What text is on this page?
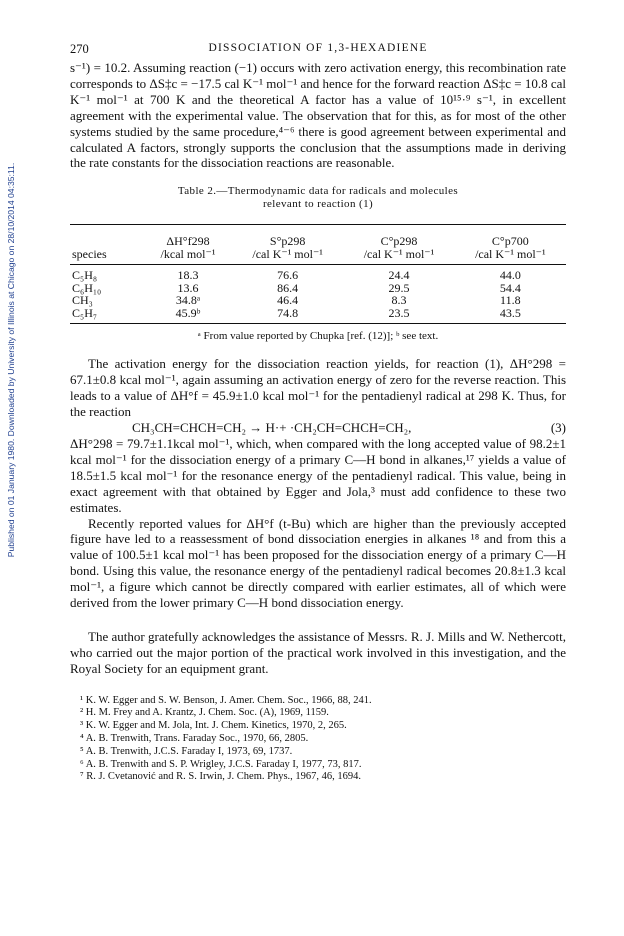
Published on 01 January 1980. Downloaded by University of Illinois at Chicago on 28/10/2014 04:35:11.
270	DISSOCIATION OF 1,3-HEXADIENE

s⁻¹) = 10.2. Assuming reaction (−1) occurs with zero activation energy, this recombination rate corresponds to ΔS‡c = −17.5 cal K⁻¹ mol⁻¹ and hence for the forward reaction ΔS‡c = 10.8 cal K⁻¹ mol⁻¹ at 700 K and the theoretical A factor has a value of 10¹⁵·⁹ s⁻¹, in excellent agreement with the experimental value. The observation that for this, as for most of the other systems studied by the same procedure,⁴⁻⁶ there is good agreement between experimental and calculated A factors, strongly supports the conclusion that the assumptions made in deriving the rate constants for the dissociation reactions are reasonable.

Table 2.—Thermodynamic data for radicals and molecules
relevant to reaction (1)
	ΔH°f298	S°p298	C°p298	C°p700
species	/kcal mol⁻¹	/cal K⁻¹ mol⁻¹	/cal K⁻¹ mol⁻¹	/cal K⁻¹ mol⁻¹
C₅H₈	18.3	76.6	24.4	44.0
C₆H₁₀	13.6	86.4	29.5	54.4
CH₃	34.8ᵃ	46.4	8.3	11.8
C₅H₇	45.9ᵇ	74.8	23.5	43.5
ᵃ From value reported by Chupka [ref. (12)]; ᵇ see text.

The activation energy for the dissociation reaction yields, for reaction (1), ΔH°298 = 67.1±0.8 kcal mol⁻¹, again assuming an activation energy of zero for the reverse reaction. This leads to a value of ΔH°f = 45.9±1.0 kcal mol⁻¹ for the pentadienyl radical at 298 K. Thus, for the reaction

CH₃CH=CHCH=CH₂ → H·+ ·CH₂CH=CHCH=CH₂,	(3)

ΔH°298 = 79.7±1.1kcal mol⁻¹, which, when compared with the long accepted value of 98.2±1 kcal mol⁻¹ for the dissociation energy of a primary C—H bond in alkanes,¹⁷ yields a value of 18.5±1.5 kcal mol⁻¹ for the resonance energy of the pentadienyl radical. This value, being in exact agreement with that obtained by Egger and Jola,³ must add confidence to these two estimates.

Recently reported values for ΔH°f (t-Bu) which are higher than the previously accepted figure have led to a reassessment of bond dissociation energies in alkanes ¹⁸ and from this a value of 100.5±1 kcal mol⁻¹ has been proposed for the dissociation energy of a primary C—H bond. Using this value, the resonance energy of the pentadienyl radical becomes 20.8±1.3 kcal mol⁻¹, a figure which cannot be directly compared with earlier estimates, all of which were derived from the lower primary C—H bond dissociation energy.

The author gratefully acknowledges the assistance of Messrs. R. J. Mills and W. Nethercott, who carried out the major portion of the practical work involved in this investigation, and the Royal Society for an equipment grant.

¹ K. W. Egger and S. W. Benson, J. Amer. Chem. Soc., 1966, 88, 241.
² H. M. Frey and A. Krantz, J. Chem. Soc. (A), 1969, 1159.
³ K. W. Egger and M. Jola, Int. J. Chem. Kinetics, 1970, 2, 265.
⁴ A. B. Trenwith, Trans. Faraday Soc., 1970, 66, 2805.
⁵ A. B. Trenwith, J.C.S. Faraday I, 1973, 69, 1737.
⁶ A. B. Trenwith and S. P. Wrigley, J.C.S. Faraday I, 1977, 73, 817.
⁷ R. J. Cvetanović and R. S. Irwin, J. Chem. Phys., 1967, 46, 1694.
